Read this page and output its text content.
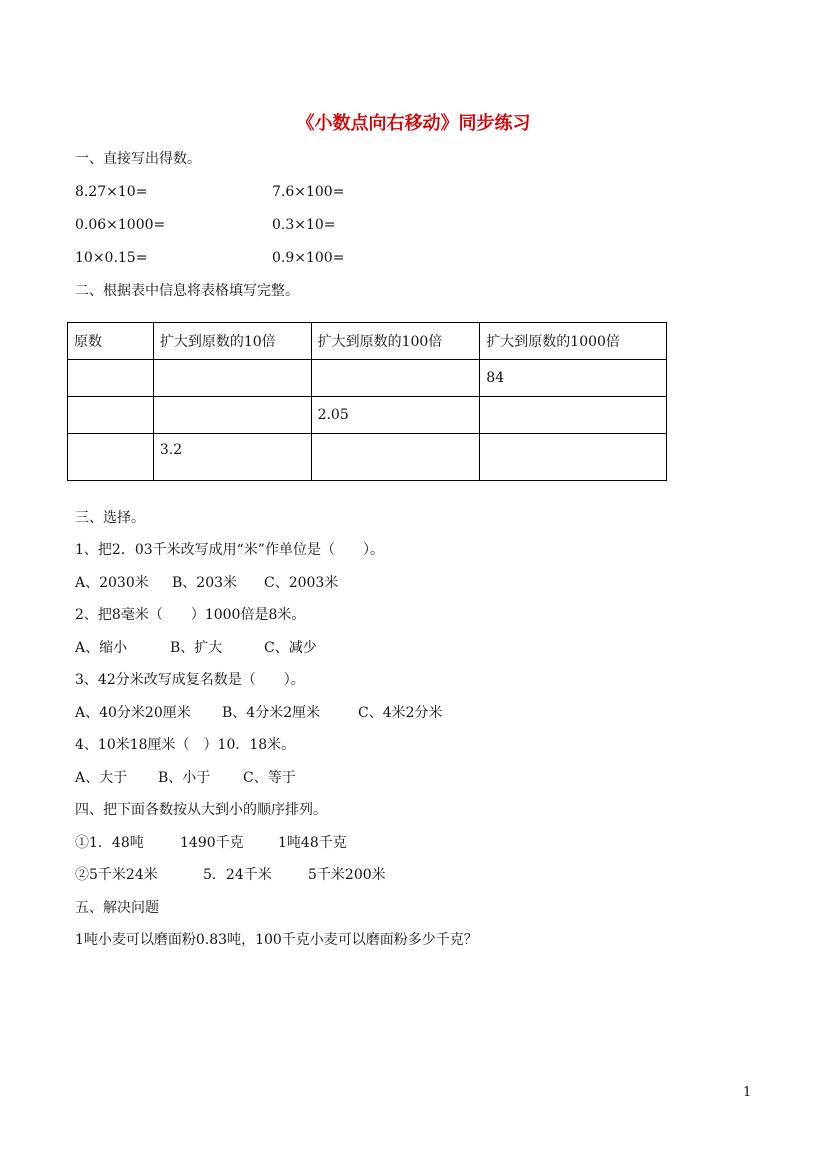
《小数点向右移动》同步练习
一、直接写出得数。
8.27×10=	7.6×100=
0.06×1000=	0.3×10=
10×0.15=	0.9×100=
二、根据表中信息将表格填写完整。
原数	扩大到原数的10倍	扩大到原数的100倍	扩大到原数的1000倍
			84
		2.05	
	3.2		
三、选择。
1、把2．03千米改写成用“米”作单位是（　　）。
A、2030米 B、203米 C、2003米
2、把8毫米（　　）1000倍是8米。
A、缩小	B、扩大	C、减少
3、42分米改写成复名数是（　　）。
A、40分米20厘米 B、4分米2厘米	C、4米2分米
4、10米18厘米（　）10．18米。
A、大于 B、小于 C、等于
四、把下面各数按从大到小的顺序排列。
①1．48吨	1490千克 1吨48千克
②5千米24米	5．24千米	5千米200米
五、解决问题
1吨小麦可以磨面粉0.83吨，100千克小麦可以磨面粉多少千克？
1
